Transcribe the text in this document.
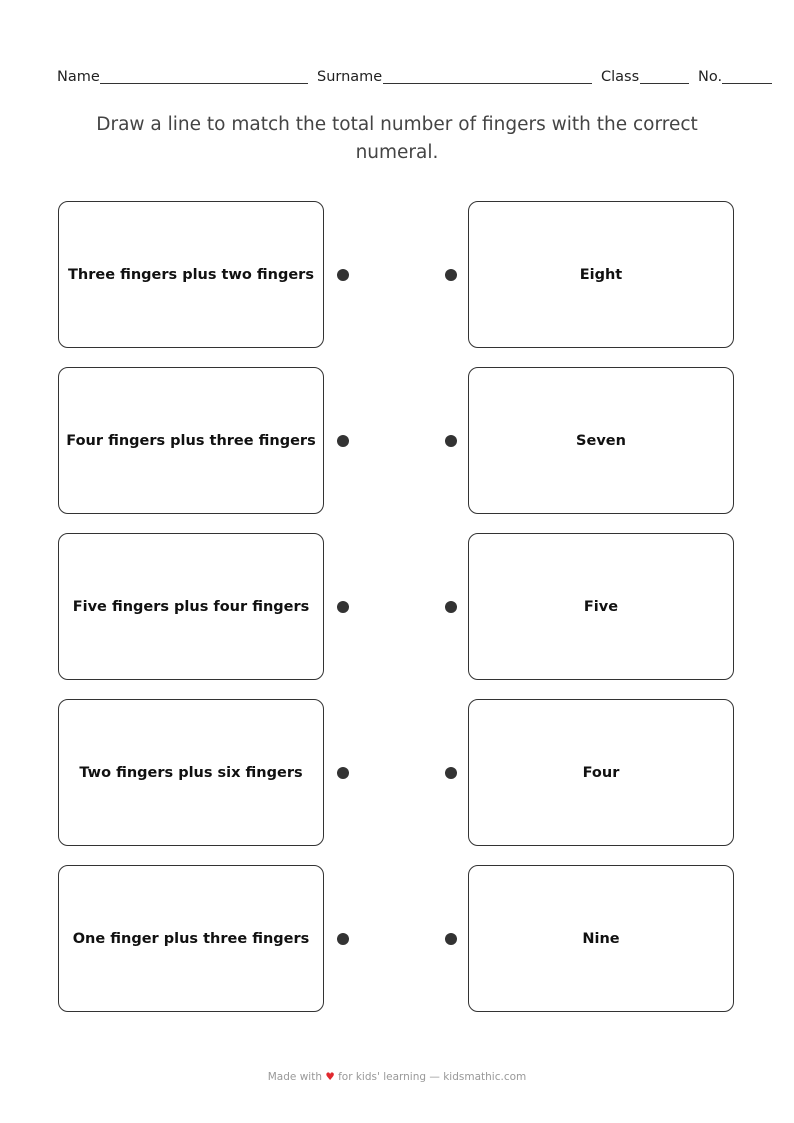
Name	Surname	Class	No.
Draw a line to match the total number of fingers with the correct numeral.
Three fingers plus two fingers	Eight
Four fingers plus three fingers	Seven
Five fingers plus four fingers	Five
Two fingers plus six fingers	Four
One finger plus three fingers	Nine
Made with ♥ for kids' learning — kidsmathic.com
